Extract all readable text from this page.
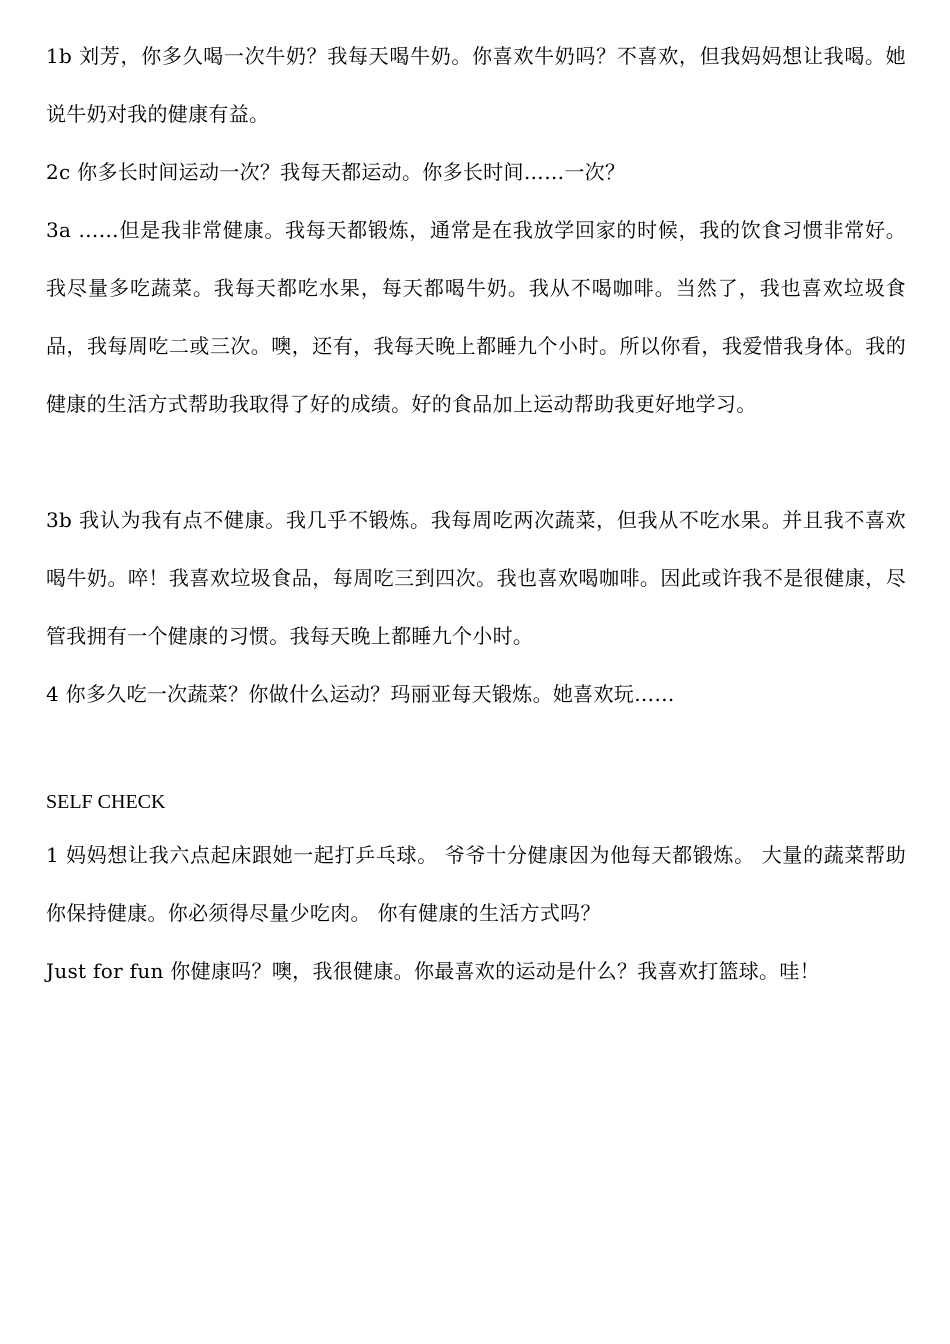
1b 刘芳，你多久喝一次牛奶？我每天喝牛奶。你喜欢牛奶吗？不喜欢，但我妈妈想让我喝。她说牛奶对我的健康有益。

2c 你多长时间运动一次？我每天都运动。你多长时间……一次？

3a ……但是我非常健康。我每天都锻炼，通常是在我放学回家的时候，我的饮食习惯非常好。我尽量多吃蔬菜。我每天都吃水果，每天都喝牛奶。我从不喝咖啡。当然了，我也喜欢垃圾食品，我每周吃二或三次。噢，还有，我每天晚上都睡九个小时。所以你看，我爱惜我身体。我的健康的生活方式帮助我取得了好的成绩。好的食品加上运动帮助我更好地学习。

3b 我认为我有点不健康。我几乎不锻炼。我每周吃两次蔬菜，但我从不吃水果。并且我不喜欢喝牛奶。啐！我喜欢垃圾食品，每周吃三到四次。我也喜欢喝咖啡。因此或许我不是很健康，尽管我拥有一个健康的习惯。我每天晚上都睡九个小时。

4 你多久吃一次蔬菜？你做什么运动？玛丽亚每天锻炼。她喜欢玩……

SELF CHECK

1 妈妈想让我六点起床跟她一起打乒乓球。 爷爷十分健康因为他每天都锻炼。 大量的蔬菜帮助你保持健康。你必须得尽量少吃肉。 你有健康的生活方式吗？

Just for fun 你健康吗？噢，我很健康。你最喜欢的运动是什么？我喜欢打篮球。哇！
